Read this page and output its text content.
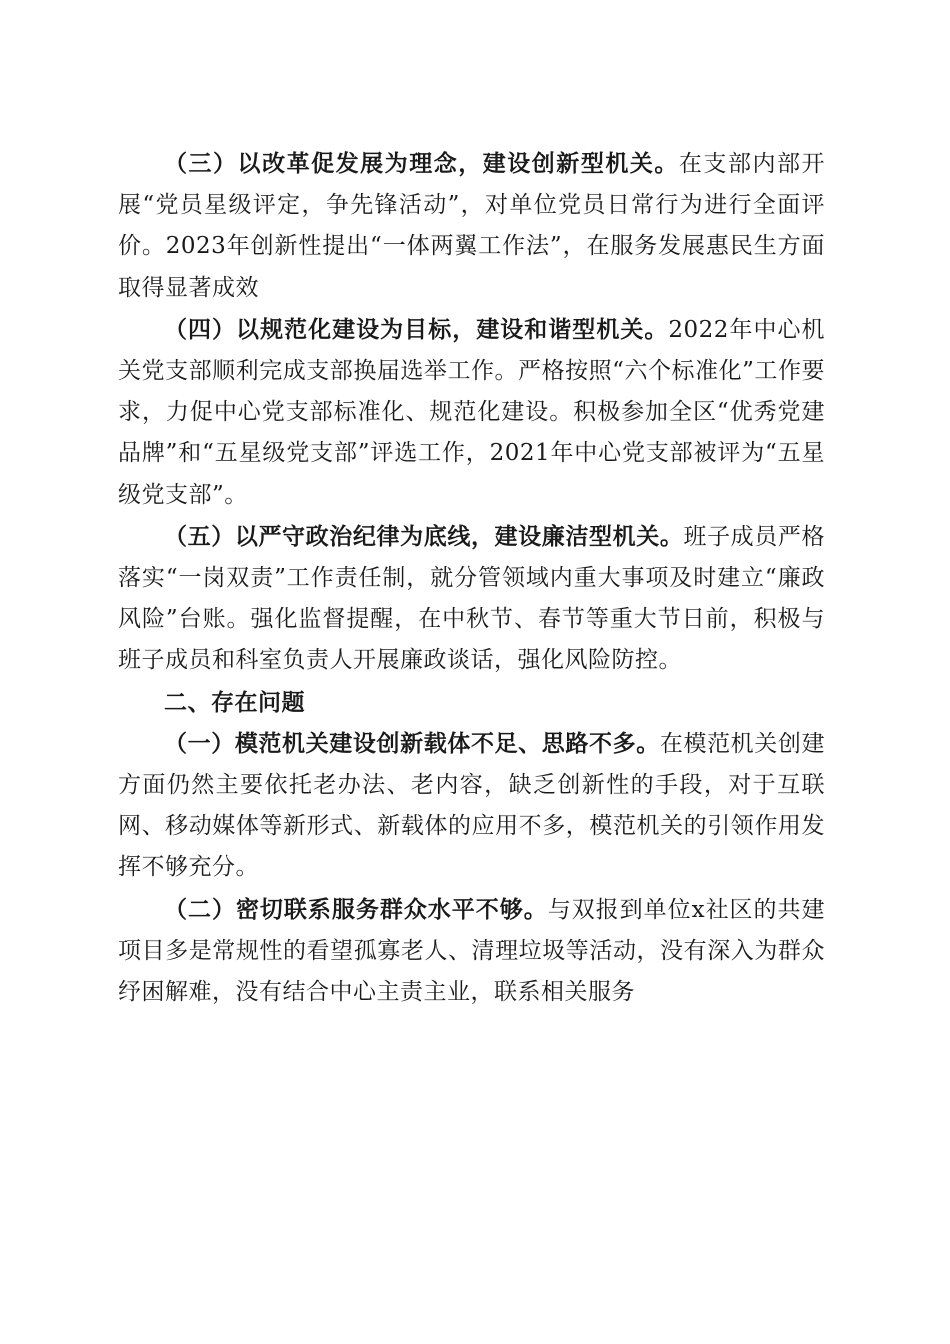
（三）以改革促发展为理念，建设创新型机关。在支部内部开展“党员星级评定，争先锋活动”，对单位党员日常行为进行全面评价。2023年创新性提出“一体两翼工作法”，在服务发展惠民生方面取得显著成效

（四）以规范化建设为目标，建设和谐型机关。2022年中心机关党支部顺利完成支部换届选举工作。严格按照“六个标准化”工作要求，力促中心党支部标准化、规范化建设。积极参加全区“优秀党建品牌”和“五星级党支部”评选工作，2021年中心党支部被评为“五星级党支部”。

（五）以严守政治纪律为底线，建设廉洁型机关。班子成员严格落实“一岗双责”工作责任制，就分管领域内重大事项及时建立“廉政风险”台账。强化监督提醒，在中秋节、春节等重大节日前，积极与班子成员和科室负责人开展廉政谈话，强化风险防控。

二、存在问题

（一）模范机关建设创新载体不足、思路不多。在模范机关创建方面仍然主要依托老办法、老内容，缺乏创新性的手段，对于互联网、移动媒体等新形式、新载体的应用不多，模范机关的引领作用发挥不够充分。

（二）密切联系服务群众水平不够。与双报到单位x社区的共建项目多是常规性的看望孤寡老人、清理垃圾等活动，没有深入为群众纾困解难，没有结合中心主责主业，联系相关服务
